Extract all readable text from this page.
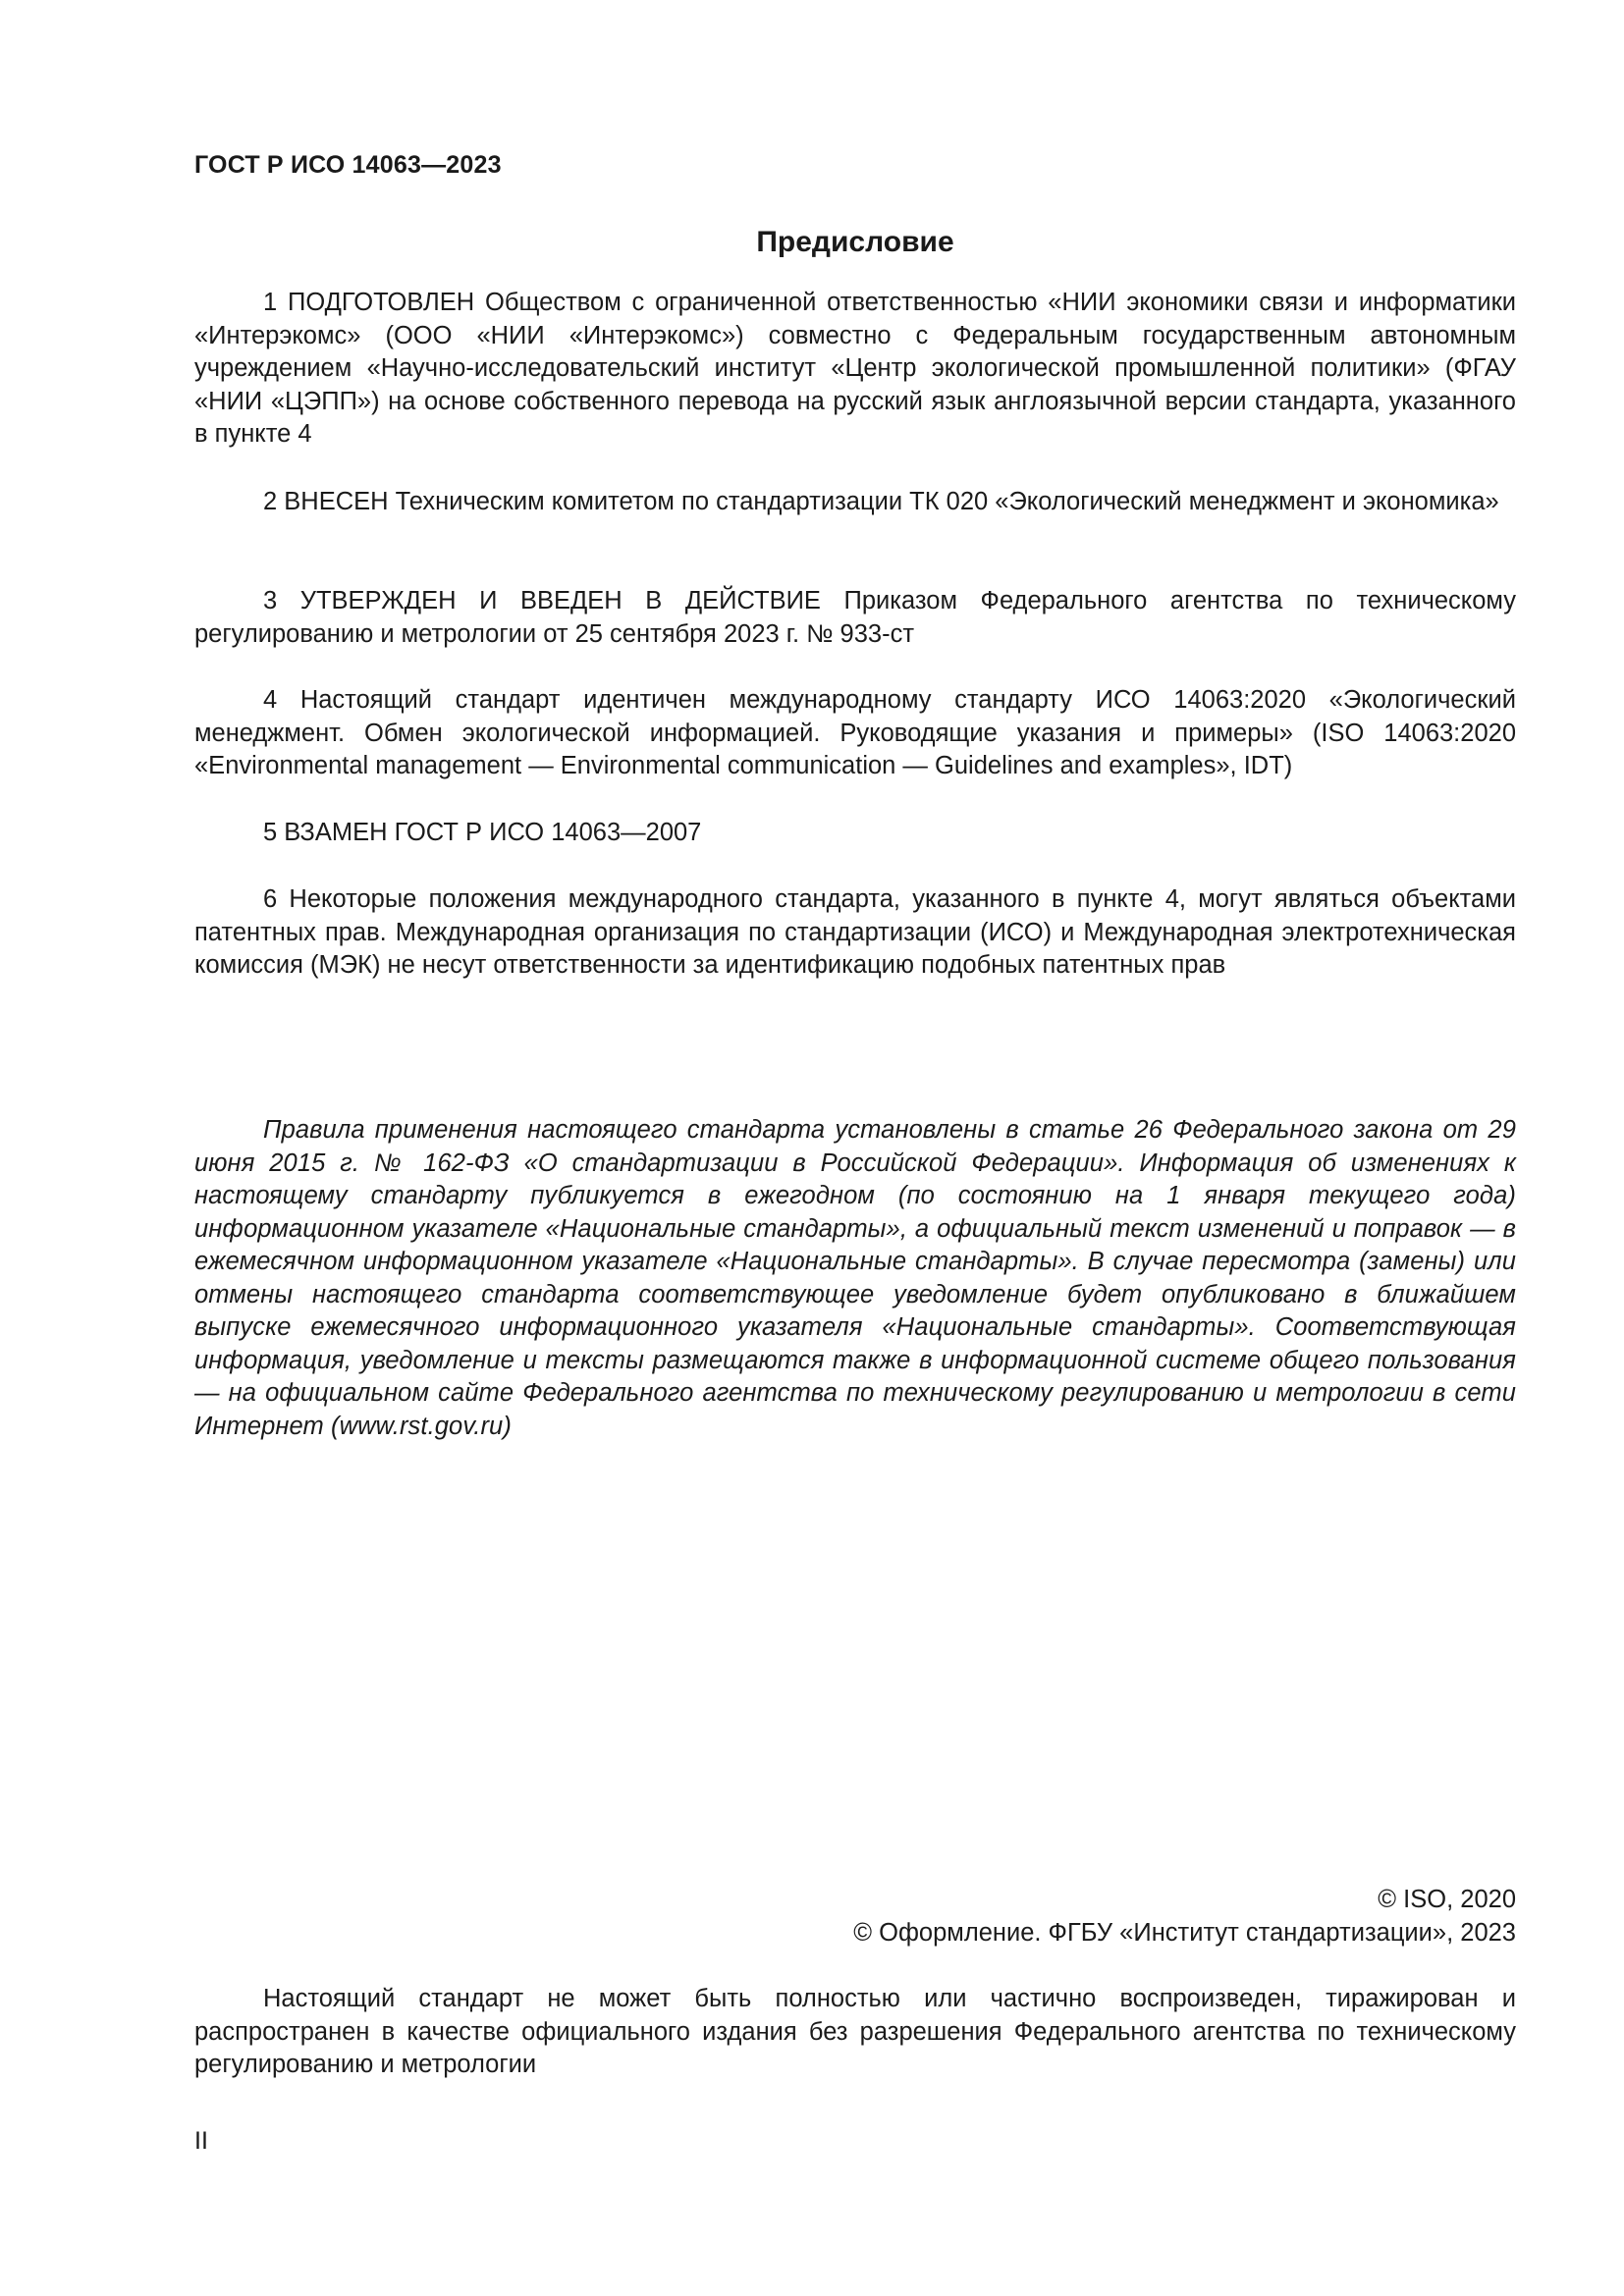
ГОСТ Р ИСО 14063—2023
Предисловие

1 ПОДГОТОВЛЕН Обществом с ограниченной ответственностью «НИИ экономики связи и информатики «Интерэкомс» (ООО «НИИ «Интерэкомс») совместно с Федеральным государственным автономным учреждением «Научно-исследовательский институт «Центр экологической промышленной политики» (ФГАУ «НИИ «ЦЭПП») на основе собственного перевода на русский язык англоязычной версии стандарта, указанного в пункте 4

2 ВНЕСЕН Техническим комитетом по стандартизации ТК 020 «Экологический менеджмент и экономика»

3 УТВЕРЖДЕН И ВВЕДЕН В ДЕЙСТВИЕ Приказом Федерального агентства по техническому регулированию и метрологии от 25 сентября 2023 г. № 933-ст

4 Настоящий стандарт идентичен международному стандарту ИСО 14063:2020 «Экологический менеджмент. Обмен экологической информацией. Руководящие указания и примеры» (ISO 14063:2020 «Environmental management — Environmental communication — Guidelines and examples», IDT)

5 ВЗАМЕН ГОСТ Р ИСО 14063—2007

6 Некоторые положения международного стандарта, указанного в пункте 4, могут являться объектами патентных прав. Международная организация по стандартизации (ИСО) и Международная электротехническая комиссия (МЭК) не несут ответственности за идентификацию подобных патентных прав

Правила применения настоящего стандарта установлены в статье 26 Федерального закона от 29 июня 2015 г. № 162-ФЗ «О стандартизации в Российской Федерации». Информация об изменениях к настоящему стандарту публикуется в ежегодном (по состоянию на 1 января текущего года) информационном указателе «Национальные стандарты», а официальный текст изменений и поправок — в ежемесячном информационном указателе «Национальные стандарты». В случае пересмотра (замены) или отмены настоящего стандарта соответствующее уведомление будет опубликовано в ближайшем выпуске ежемесячного информационного указателя «Национальные стандарты». Соответствующая информация, уведомление и тексты размещаются также в информационной системе общего пользования — на официальном сайте Федерального агентства по техническому регулированию и метрологии в сети Интернет (www.rst.gov.ru)

© ISO, 2020
© Оформление. ФГБУ «Институт стандартизации», 2023

Настоящий стандарт не может быть полностью или частично воспроизведен, тиражирован и распространен в качестве официального издания без разрешения Федерального агентства по техническому регулированию и метрологии

II
